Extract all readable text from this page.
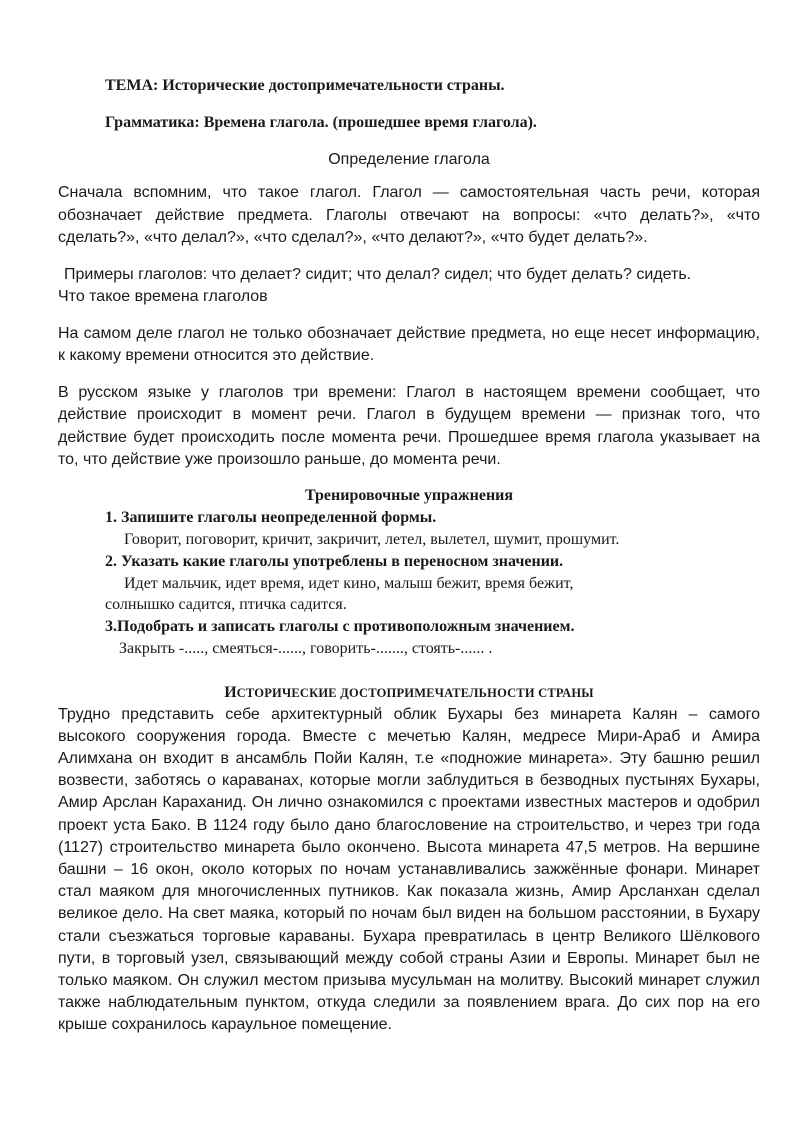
ТЕМА: Исторические достопримечательности страны.

Грамматика: Времена глагола. (прошедшее время глагола).

Определение глагола

Сначала вспомним, что такое глагол. Глагол — самостоятельная часть речи, которая обозначает действие предмета. Глаголы отвечают на вопросы: «что делать?», «что сделать?», «что делал?», «что сделал?», «что делают?», «что будет делать?».

Примеры глаголов: что делает? сидит; что делал? сидел; что будет делать? сидеть.
Что такое времена глаголов

На самом деле глагол не только обозначает действие предмета, но еще несет информацию, к какому времени относится это действие.

В русском языке у глаголов три времени: Глагол в настоящем времени сообщает, что действие происходит в момент речи. Глагол в будущем времени — признак того, что действие будет происходить после момента речи. Прошедшее время глагола указывает на то, что действие уже произошло раньше, до момента речи.

Тренировочные упражнения

1. Запишите глаголы неопределенной формы.

Говорит, поговорит, кричит, закричит, летел, вылетел, шумит, прошумит.

2. Указать какие глаголы употреблены в переносном значении.

Идет мальчик, идет время, идет кино, малыш бежит, время бежит,

солнышко садится, птичка садится.

3.Подобрать и записать глаголы с противоположным значением.

Закрыть -....., смеяться-......, говорить-......., стоять-...... .

ИСТОРИЧЕСКИЕ ДОСТОПРИМЕЧАТЕЛЬНОСТИ СТРАНЫ

Трудно представить себе архитектурный облик Бухары без минарета Калян – самого высокого сооружения города. Вместе с мечетью Калян, медресе Мири-Араб и Амира Алимхана он входит в ансамбль Пойи Калян, т.е «подножие минарета». Эту башню решил возвести, заботясь о караванах, которые могли заблудиться в безводных пустынях Бухары, Амир Арслан Караханид. Он лично ознакомился с проектами известных мастеров и одобрил проект уста Бако. В 1124 году было дано благословение на строительство, и через три года (1127) строительство минарета было окончено. Высота минарета 47,5 метров. На вершине башни – 16 окон, около которых по ночам устанавливались зажжённые фонари. Минарет стал маяком для многочисленных путников. Как показала жизнь, Амир Арсланхан сделал великое дело. На свет маяка, который по ночам был виден на большом расстоянии, в Бухару стали съезжаться торговые караваны. Бухара превратилась в центр Великого Шёлкового пути, в торговый узел, связывающий между собой страны Азии и Европы. Минарет был не только маяком. Он служил местом призыва мусульман на молитву. Высокий минарет служил также наблюдательным пунктом, откуда следили за появлением врага. До сих пор на его крыше сохранилось караульное помещение.
